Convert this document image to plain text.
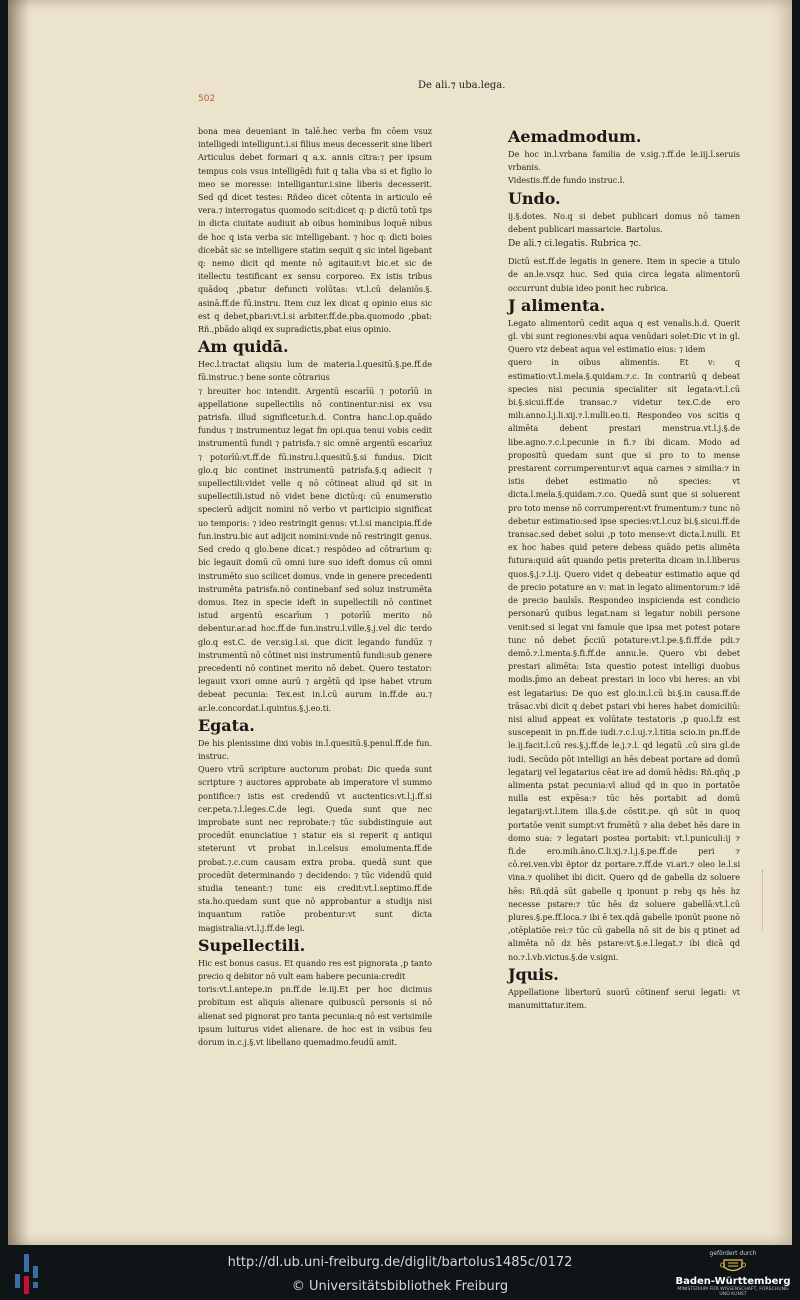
502
De ali.⁊ uba.lega.

bona mea deueniant in talē.hec verba fm cōem vsuz intelligedi intelligunt.i.si filius meus decesserit sine liberi Articulus debet formari q a.x. annis citra:⁊ per ipsum tempus cois vsus intelligēdi fuit q talia vba si et figlio lo meo se moresse: intelligantur.i.sine liberis decesserit. Sed qd dicet testes: Rñdeo dicet cōtenta in articulo eē vera.⁊ interrogatus quomodo scit:dicet q: p dictū totū tps in dicta ciuitate audiuit ab oibus hominibus loquē nibus de hoc q ista verba sic intelligebant. ⁊ hoc q: dicti boies dicebāt sic se intelligere statim sequit q sic intel ligebant q: nemo dicit qd mente nō agitauit:vt bic.et sic de itellectu testificant ex sensu corporeo. Ex istis tribus quādoq ,pbatur defuncti volūtas: vt.l.cū delaniōs.§. asinā.ff.de fū.instru. Item cuz lex dicat q opinio eius sic est q debet,pbari:vt.l.si arbiter.ff.de.pba.quomodo ,pbat: Rñ.,pbādo aliqd ex supradictis,pbat eius opinio.

Am quidā.

Hec.l.tractat aliqsiu lum de materia.l.quesitū.§.pe.ff.de fū.instruc.⁊ bene sonte cōtrarius

⁊ breuiter hoc intendit. Argentū escarīū ⁊ potorīū in appellatione supellectilis nō continentur:nisi ex vsu patrisfa. illud significetur.h.d. Contra hanc.l.op.quādo fundus ⁊ instrumentuz legat fm opi.qua tenui vobis cedit instrumentū fundi ⁊ patrisfa.⁊ sic omnē argentū escarīuz ⁊ potorīū:vt.ff.de fū.instru.l.quesitū.§.si fundus. Dicit glo.q bic continet instrumentū patrisfa.§.q adiecit ⁊ supellectili:videt velle q nō cōtineat aliud qd sit in supellectili.istud nō videt bene dictū:q: cū enumeratio specierū adijcit nomini nō verbo vt participio significat uo temporis: ⁊ ideo restringit genus: vt.l.si mancipia.ff.de fun.instru.bic aut adijcit nomini:vnde nō restringit genus. Sed credo q glo.bene dicat.⁊ respōdeo ad cōtrarium q: bic legauit domū cū omni iure suo ideft domus cū omni instrumēto suo scilicet domus. vnde in genere precedenti instrumēta patrisfa.nō continebanf sed soluz instrumēta domus. Itez in specie ideft in supellectili nō continet istud argentū escarīum ⁊ potorīū merito nō debentur.ar.ad hoc.ff.de fun.instru.l.ville.§.j.vel dic terdo glo.q est.C. de ver.sig.l.si. que dicit legando fundūz ⁊ instrumentū nō cōtinet nisi instrumentū fundi:sub genere precedenti nō continet merito nō debet. Quero testator: legauit vxori omne aurū ⁊ argētū qd ipse habet vtrum debeat pecunia: Tex.est in.l.cū aurum in.ff.de au.⁊ ar.le.concordat.l.quintus.§.j.eo.ti.

Egata.

De his plenissime dixi vobis in.l.quesitū.§.penul.ff.de fun. instruc.

Quero vtrū scripture auctorum probat: Dic queda sunt scripture ⁊ auctores approbate ab imperatore vl summo pontifice:⁊ istis est credendū vt auctentics:vt.l.j.ff.si cer.peta.⁊.l.leges.C.de legi. Queda sunt que nec improbate sunt nec reprobate:⁊ tūc subdistinguie aut procedūt enunciatiue ⁊ statur eis si reperit q antiqui steterunt vt probat in.l.celsus emolumenta.ff.de probat.⁊.c.cum causam extra proba. quedā sunt que procedūt determinando ⁊ decidendo: ⁊ tūc videndū quid studia teneant:⁊ tunc eis credit:vt.l.septimo.ff.de sta.ho.quedam sunt que nō approbantur a studijs nisi inquantum ratiōe probentur:vt sunt dicta magistralia:vt.l.j.ff.de legi.

Supellectili.

Hic est bonus casus. Et quando res est pignorata ,p tanto precio q debitor nō vult eam habere pecunia:credit

toris:vt.l.antepe.in pn.ff.de le.iij.Et per hoc dicimus probitum est aliquis alienare quibuscū personis si nō alienat sed pignorat pro tanta pecunia:q nō est verisimile ipsum luiturus videt alienare. de hoc est in vsibus feu dorum in.c.j.§.vt libellano quemadmo.feudū amit.

Aemadmodum.

De hoc in.l.vrbana familia de v.sig.⁊.ff.de le.iij.l.seruis vrbanis.

Videstis.ff.de fundo instruc.l.

Undo.

ij.§.dotes. No.q si debet publicari domus nō tamen debent publicari massaricie. Bartolus.

De ali.⁊ ci.legatis. Rubrica ⁊c.

Dictū est.ff.de legatis in genere. Item in specie a titulo de an.le.vsqz huc. Sed quia circa legata alimentorū occurrunt dubia ideo ponit hec rubrica.

J alimenta.

Legato alimentorū cedit aqua q est venalis.h.d. Querit gl. vbi sunt regiones:vbi aqua venūdari solet:Dic vt in gl. Quero vtz debeat aqua vel estimatio eius: ⁊ idem

quero in oibus alimentis. Et v: q estimatio:vt.l.mela.§.quidam.⁊.c. In contrariū q debeat species nisi pecunia specialiter sit legata:vt.l.cū bi.§.sicui.ff.de transac.⁊ videtur tex.C.de ero milı.anno.l.j.li.xij.⁊.l.nulli.eo.ti. Respondeo vos scitis q alimēta debent prestari menstrua.vt.l.j.§.de libe.agno.⁊.c.l.pecunie in fi.⁊ ibi dicam. Modo ad propositū quedam sunt que si pro to to mense prestarent corrumperentur:vt aqua carnes ⁊ similia:⁊ in istis debet estimatio nō species: vt dicta.l.mela.§.quidam.⁊.co. Quedā sunt que si soluerent pro toto mense nō corrumperent:vt frumentum:⁊ tunc nō debetur estimatio:sed ipse species:vt.l.cuz bi.§.sicui.ff.de transac.sed debet solui ,p toto mense:vt dicta.l.nulli. Et ex hoc habes quid petere debeas quādo petis alimēta futura:quid aūt quando petis preterita dicam in.l.liberus quos.§.j.⁊.l.ij. Quero videt q debeatur estimatio aque qd de precio potature an v: mat in legato alimentorum:⁊ idē de precio baulsīs. Respondeo inspicienda est condicio personarū quibus legat.nam si legatur nobili persone venit:sed si legat vni famule que ipsa met potest potare tunc nō debet p̄cciū potature:vt.l.pe.§.fi.ff.de pdi.⁊ demō.⁊.l.menta.§.fi.ff.de annu.le. Quero vbi debet prestari alimēta: Ista questio potest intelligi duobus modis.p̄mo an debeat prestari in loco vbi heres: an vbi est legatarius: De quo est glo.in.l.cū bi.§.in causa.ff.de trāsac.vbi dicit q debet pstari vbi heres habet domiciliū: nisi aliud appeat ex volūtate testatoris ,p quo.l.fz est suscepenit in pn.ff.de iudi.⁊.c.l.uj.⁊.l.titia scio.in pn.ff.de le.ij.facit.l.cū res.§.j.ff.de le.j.⁊.l. qd legatū .cū sira gl.de iudi. Secūdo pōt intelligi an hēs debeat portare ad domū legatarij vel legatarius cēat ire ad domū hēdis: Rñ.qñq ,p alimenta pstat pecunia:vl aliud qd in quo in portatōe nulla est expēsa:⁊ tūc hēs portabit ad domū legatarij:vt.l.item illa.§.de cōstit.pe. qñ sūt in quoq portatōe venit sumpt:vt frumētū ⁊ alia debet hēs dare in domo sua: ⁊ legatari postea portabit: vt.l.puniculi:ij ⁊ fi.de ero.milı.āno.C.li.xj.⁊.l.j.§.pe.ff.de peri ⁊ cō.rei.ven.vbi ẽptor dz portare.⁊.ff.de vi.ari.⁊ oleo le.l.si vina.⁊ quolibet ibi dicit. Quero qd de gabella dz soluere hēs: Rñ.qdā sūt gabelle q iponunt p rebꝫ qs hēs hz necesse pstare:⁊ tūc hēs dz soluere gabellā:vt.l.cū plures.§.pe.ff.loca.⁊ ibi ē tex.qdā gabelle iponūt psone nō ,otēplatiōe rei:⁊ tūc cū gabella nō sit de bis q ptinet ad alimēta nō dz hēs pstare:vt.§.e.l.legat.⁊ ibi dicā qd no.⁊.l.vb.victus.§.de v.signi.

Jquis.

Appellatione libertorū suorū cōtinenf serui legati: vt manumittatur.item.

http://dl.ub.uni-freiburg.de/diglit/bartolus1485c/0172
© Universitätsbibliothek Freiburg
gefördert durch
Baden-Württemberg
MINISTERIUM FÜR WISSENSCHAFT, FORSCHUNG UND KUNST
